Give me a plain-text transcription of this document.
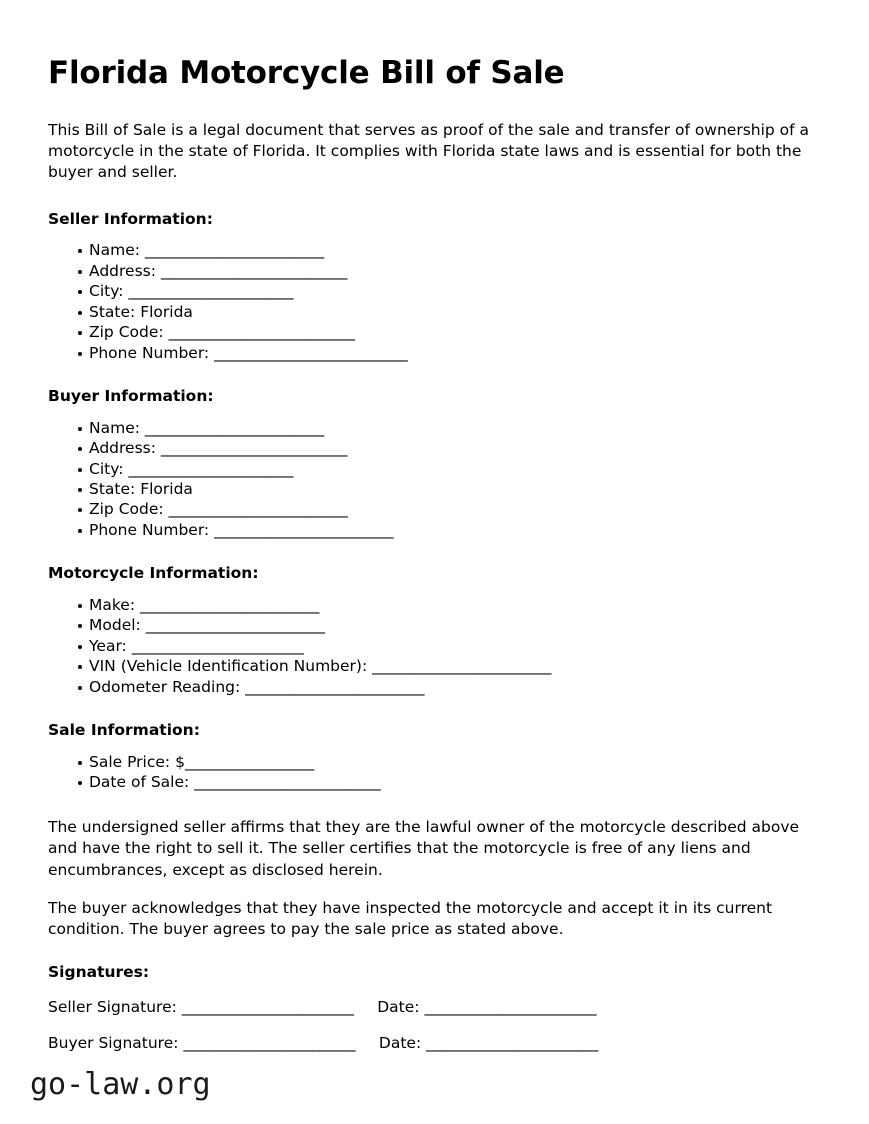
Florida Motorcycle Bill of Sale

This Bill of Sale is a legal document that serves as proof of the sale and transfer of ownership of a motorcycle in the state of Florida. It complies with Florida state laws and is essential for both the buyer and seller.

Seller Information:
Name: _________________________
Address: __________________________
City: _______________________
State: Florida
Zip Code: __________________________
Phone Number: ___________________________
Buyer Information:
Name: _________________________
Address: __________________________
City: _______________________
State: Florida
Zip Code: _________________________
Phone Number: _________________________
Motorcycle Information:
Make: _________________________
Model: _________________________
Year: ________________________
VIN (Vehicle Identification Number): _________________________
Odometer Reading: _________________________
Sale Information:
Sale Price: $__________________
Date of Sale: __________________________

The undersigned seller affirms that they are the lawful owner of the motorcycle described above and have the right to sell it. The seller certifies that the motorcycle is free of any liens and encumbrances, except as disclosed herein.

The buyer acknowledges that they have inspected the motorcycle and accept it in its current condition. The buyer agrees to pay the sale price as stated above.

Signatures:
Seller Signature: ________________________ Date: ________________________
Buyer Signature: ________________________ Date: ________________________
go-law.org
